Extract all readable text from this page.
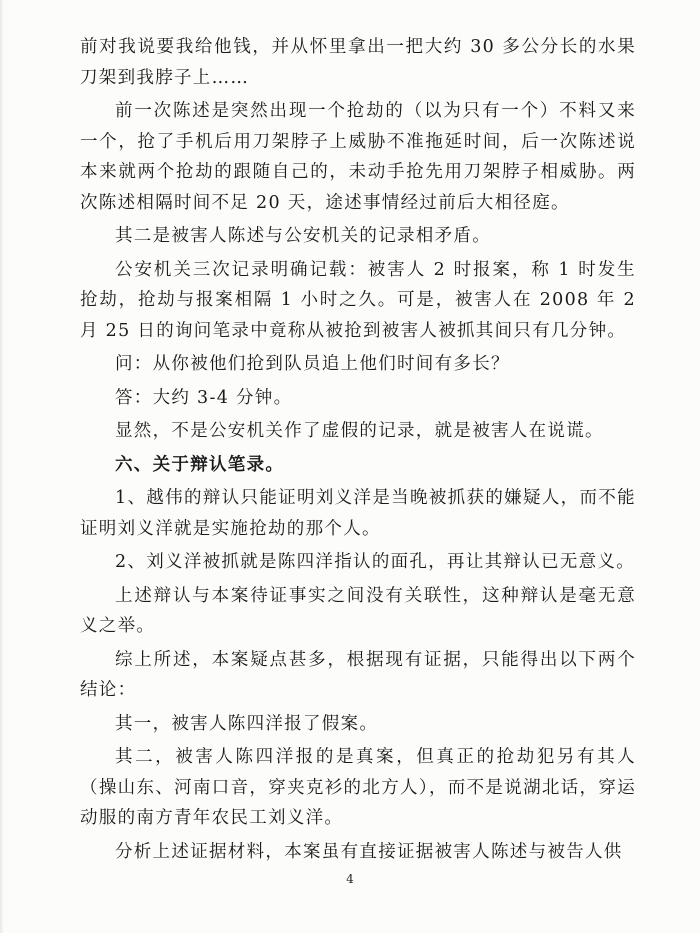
前对我说要我给他钱，并从怀里拿出一把大约 30 多公分长的水果刀架到我脖子上……

前一次陈述是突然出现一个抢劫的（以为只有一个）不料又来一个，抢了手机后用刀架脖子上威胁不准拖延时间，后一次陈述说本来就两个抢劫的跟随自己的，未动手抢先用刀架脖子相威胁。两次陈述相隔时间不足 20 天，途述事情经过前后大相径庭。

其二是被害人陈述与公安机关的记录相矛盾。

公安机关三次记录明确记载：被害人 2 时报案，称 1 时发生抢劫，抢劫与报案相隔 1 小时之久。可是，被害人在 2008 年 2 月 25 日的询问笔录中竟称从被抢到被害人被抓其间只有几分钟。

问：从你被他们抢到队员追上他们时间有多长？

答：大约 3-4 分钟。

显然，不是公安机关作了虚假的记录，就是被害人在说谎。

六、关于辩认笔录。

1、越伟的辩认只能证明刘义洋是当晚被抓获的嫌疑人，而不能证明刘义洋就是实施抢劫的那个人。

2、刘义洋被抓就是陈四洋指认的面孔，再让其辩认已无意义。

上述辩认与本案待证事实之间没有关联性，这种辩认是毫无意义之举。

综上所述，本案疑点甚多，根据现有证据，只能得出以下两个结论：

其一，被害人陈四洋报了假案。

其二，被害人陈四洋报的是真案，但真正的抢劫犯另有其人（操山东、河南口音，穿夹克衫的北方人），而不是说湖北话，穿运动服的南方青年农民工刘义洋。

分析上述证据材料，本案虽有直接证据被害人陈述与被告人供

4
